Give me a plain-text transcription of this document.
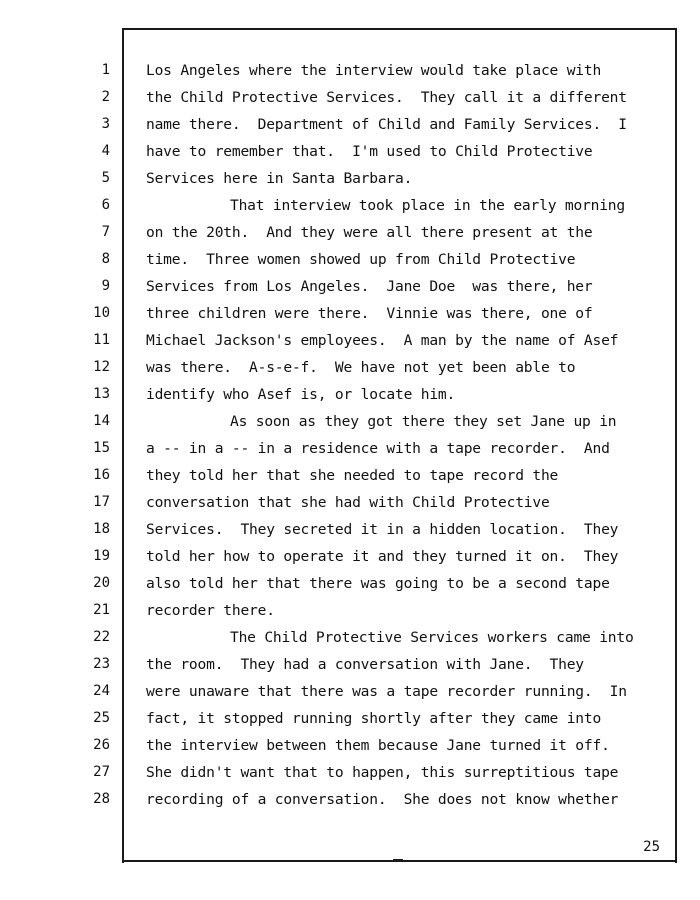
1
2
3
4
5
6
7
8
9
10
11
12
13
14
15
16
17
18
19
20
21
22
23
24
25
26
27
28
Los Angeles where the interview would take place with
the Child Protective Services.  They call it a different
name there.  Department of Child and Family Services.  I
have to remember that.  I'm used to Child Protective
Services here in Santa Barbara.
That interview took place in the early morning
on the 20th.  And they were all there present at the
time.  Three women showed up from Child Protective
Services from Los Angeles.  Jane Doe  was there, her
three children were there.  Vinnie was there, one of
Michael Jackson's employees.  A man by the name of Asef
was there.  A-s-e-f.  We have not yet been able to
identify who Asef is, or locate him.
As soon as they got there they set Jane up in
a -- in a -- in a residence with a tape recorder.  And
they told her that she needed to tape record the
conversation that she had with Child Protective
Services.  They secreted it in a hidden location.  They
told her how to operate it and they turned it on.  They
also told her that there was going to be a second tape
recorder there.
The Child Protective Services workers came into
the room.  They had a conversation with Jane.  They
were unaware that there was a tape recorder running.  In
fact, it stopped running shortly after they came into
the interview between them because Jane turned it off.
She didn't want that to happen, this surreptitious tape
recording of a conversation.  She does not know whether
25
